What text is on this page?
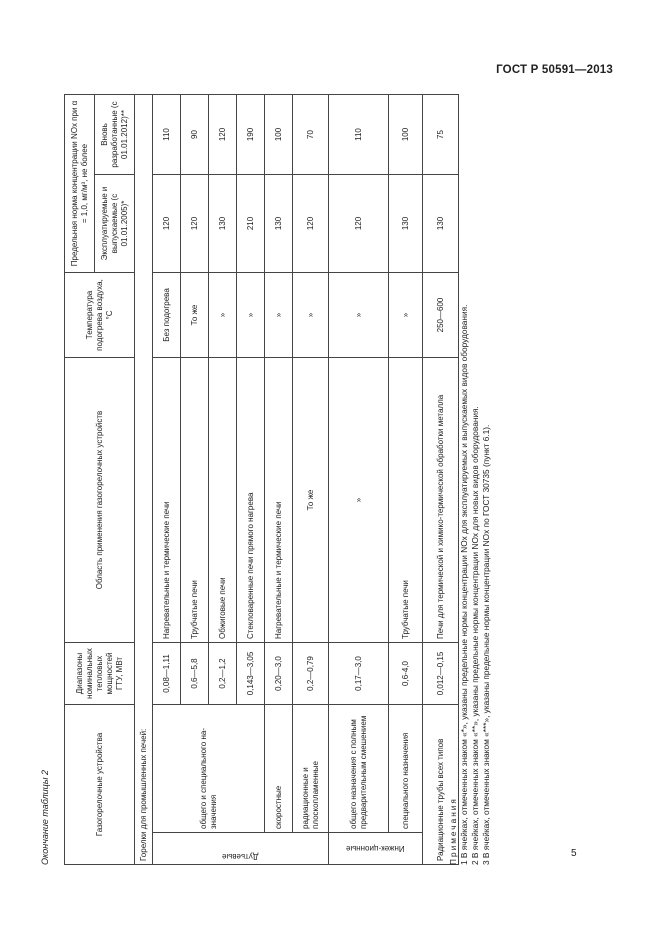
ГОСТ Р 50591—2013
Окончание таблицы 2	Газогорелочные устройства		Диапазоны номинальных тепловых мощностей ГТУ, МВт	Область применения газогорелочных устройств	Температура подогрева воздуха, °С	Предельная норма концентрации NOx при α = 1,0, мг/м³, не более	
					Эксплуатируемые и выпускаемые (с 01.01.2005)*	Вновь разработанные (с 01.01.2012)**
Горелки для промышленных печей:						

Дутьевые	общего и специального на-значения	0,08—1,11	Нагревательные и термические печи	Без подогрева	120	110
		0,6—5,8	Трубчатые печи	То же	120	90
		0,2—1,2	Обжиговые печи	»	130	120
		0,143—3,05	Стекловаренные печи прямого нагрева	»	210	190
	скоростные	0,20—3,0	Нагревательные и термические печи	»	130	100
	радиационные и плоскопламенные	0,2—0,79	То же	»	120	70

Инжек-ционные	общего назначения с полным предварительным смешением	0,17—3,0	»	»	120	110
	специального назначения	0,6-4,0	Трубчатые печи	»	130	100
Радиационные трубы всех типов		0,012—0,15	Печи для термической и химико-термической обработки металла	250—600	130	75
Примечания 1 В ячейках, отмеченных знаком «*», указаны предельные нормы концентрации NOx для эксплуатируемых и выпускаемых видов оборудования. 2 В ячейках, отмеченных знаком «**», указаны предельные нормы концентрации NOx для новых видов оборудования. 3 В ячейках, отмеченных знаком «***», указаны предельные нормы концентрации NOx по ГОСТ 30735 (пункт 6.1).	5
